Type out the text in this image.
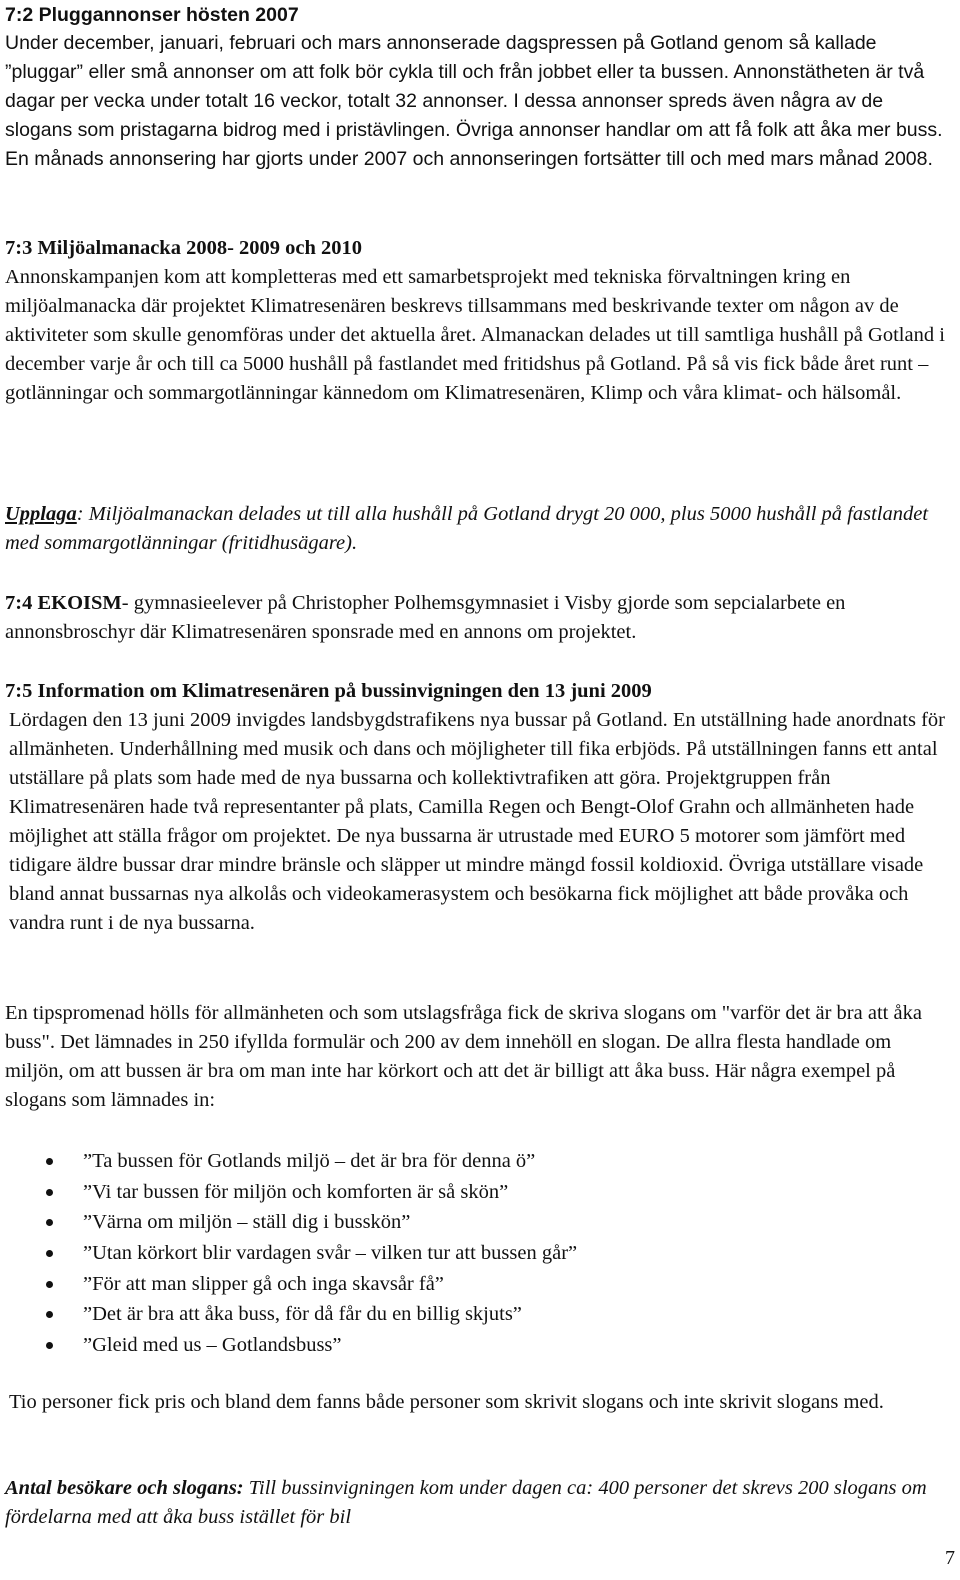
7:2 Pluggannonser hösten 2007

Under december, januari, februari och mars annonserade dagspressen på Gotland genom så kallade ”pluggar” eller små annonser om att folk bör cykla till och från jobbet eller ta bussen. Annonstätheten är två dagar per vecka under totalt 16 veckor, totalt 32 annonser. I dessa annonser spreds även några av de slogans som pristagarna bidrog med i pristävlingen. Övriga annonser handlar om att få folk att åka mer buss. En månads annonsering har gjorts under 2007 och annonseringen fortsätter till och med mars månad 2008.

7:3 Miljöalmanacka 2008- 2009 och 2010

Annonskampanjen kom att kompletteras med ett samarbetsprojekt med tekniska förvaltningen kring en miljöalmanacka där projektet Klimatresenären beskrevs tillsammans med beskrivande texter om någon av de aktiviteter som skulle genomföras under det aktuella året. Almanackan delades ut till samtliga hushåll på Gotland i december varje år och till ca 5000 hushåll på fastlandet med fritidshus på Gotland. På så vis fick både året runt – gotlänningar och sommargotlänningar kännedom om Klimatresenären, Klimp och våra klimat- och hälsomål.

Upplaga: Miljöalmanackan delades ut till alla hushåll på Gotland drygt 20 000, plus 5000 hushåll på fastlandet med sommargotlänningar (fritidhusägare).

7:4 EKOISM- gymnasieelever på Christopher Polhemsgymnasiet i Visby gjorde som sepcialarbete en annonsbroschyr där Klimatresenären sponsrade med en annons om projektet.

7:5 Information om Klimatresenären på bussinvigningen den 13 juni 2009

Lördagen den 13 juni 2009 invigdes landsbygdstrafikens nya bussar på Gotland. En utställning hade anordnats för allmänheten. Underhållning med musik och dans och möjligheter till fika erbjöds. På utställningen fanns ett antal utställare på plats som hade med de nya bussarna och kollektivtrafiken att göra. Projektgruppen från Klimatresenären hade två representanter på plats, Camilla Regen och Bengt-Olof Grahn och allmänheten hade möjlighet att ställa frågor om projektet. De nya bussarna är utrustade med EURO 5 motorer som jämfört med tidigare äldre bussar drar mindre bränsle och släpper ut mindre mängd fossil koldioxid. Övriga utställare visade bland annat bussarnas nya alkolås och videokamerasystem och besökarna fick möjlighet att både provåka och vandra runt i de nya bussarna.

En tipspromenad hölls för allmänheten och som utslagsfråga fick de skriva slogans om "varför det är bra att åka buss". Det lämnades in 250 ifyllda formulär och 200 av dem innehöll en slogan. De allra flesta handlade om miljön, om att bussen är bra om man inte har körkort och att det är billigt att åka buss. Här några exempel på slogans som lämnades in:

”Ta bussen för Gotlands miljö – det är bra för denna ö”
”Vi tar bussen för miljön och komforten är så skön”
”Värna om miljön – ställ dig i busskön”
”Utan körkort blir vardagen svår – vilken tur att bussen går”
”För att man slipper gå och inga skavsår få”
”Det är bra att åka buss, för då får du en billig skjuts”
”Gleid med us – Gotlandsbuss”

Tio personer fick pris och bland dem fanns både personer som skrivit slogans och inte skrivit slogans med.

Antal besökare och slogans: Till bussinvigningen kom under dagen ca: 400 personer det skrevs 200 slogans om fördelarna med att åka buss istället för bil

7
